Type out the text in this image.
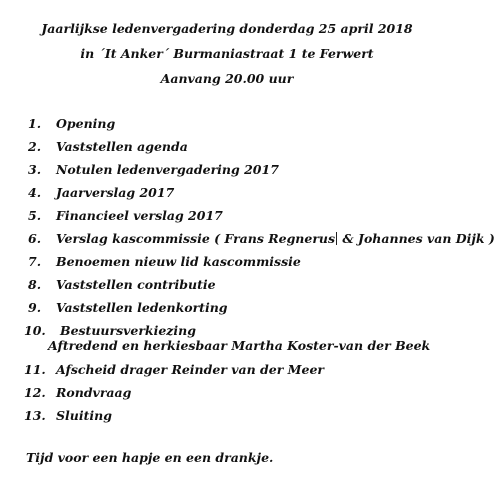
Jaarlijkse ledenvergadering donderdag 25 april 2018
in ´It Anker´ Burmaniastraat 1 te Ferwert
Aanvang 20.00 uur
1.	Opening
2.	Vaststellen agenda
3.	Notulen ledenvergadering 2017
4.	Jaarverslag 2017
5.	Financieel verslag 2017
6.	Verslag kascommissie ( Frans Regnerus & Johannes van Dijk )
7.	Benoemen nieuw lid kascommissie
8.	Vaststellen contributie
9.	Vaststellen ledenkorting
10.	Bestuursverkiezing
Aftredend en herkiesbaar Martha Koster-van der Beek
11. Afscheid drager Reinder van der Meer
12. Rondvraag
13. Sluiting
Tijd voor een hapje en een drankje.
